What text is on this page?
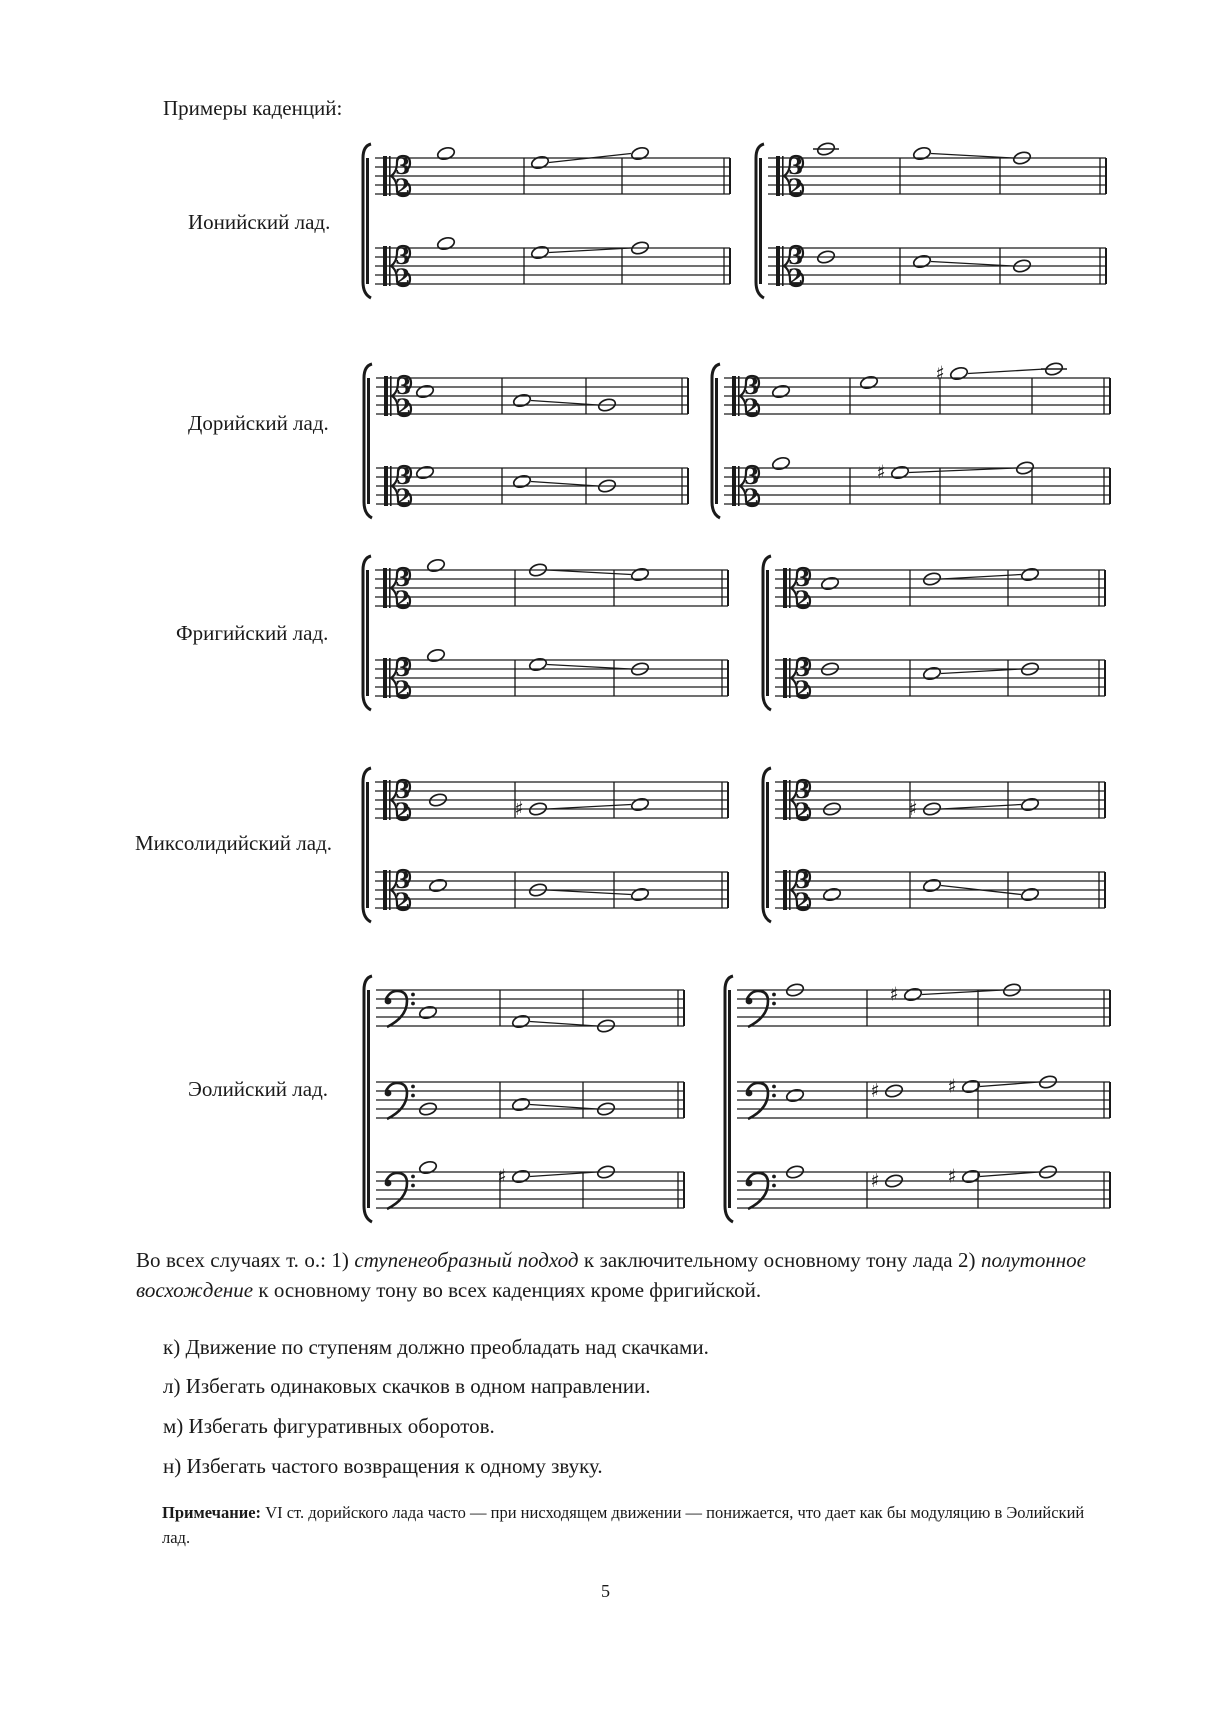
Примеры каденций:
Ионийский лад.
Дорийский лад.
Фригийский лад.
Миксолидийский лад.
Эолийский лад.
3
2
3
2
3
2
3
2
3
2
3
2
3
2
3
2
♯
♯
3
2
3
2
3
2
3
2
3
2
3
2
3
2
3
2
♯	♯
♯
♯
♯	♯
♯	♯
Во всех случаях т. о.: 1) ступенеобразный подход к заключительному основному тону лада 2) полутонное восхождение к основному тону во всех каденциях кроме фригийской.
к) Движение по ступеням должно преобладать над скачками.
л) Избегать одинаковых скачков в одном направлении.
м) Избегать фигуративных оборотов.
н) Избегать частого возвращения к одному звуку.
Примечание: VI ст. дорийского лада часто — при нисходящем движении — понижается, что дает как бы модуляцию в Эолийский лад.
5
